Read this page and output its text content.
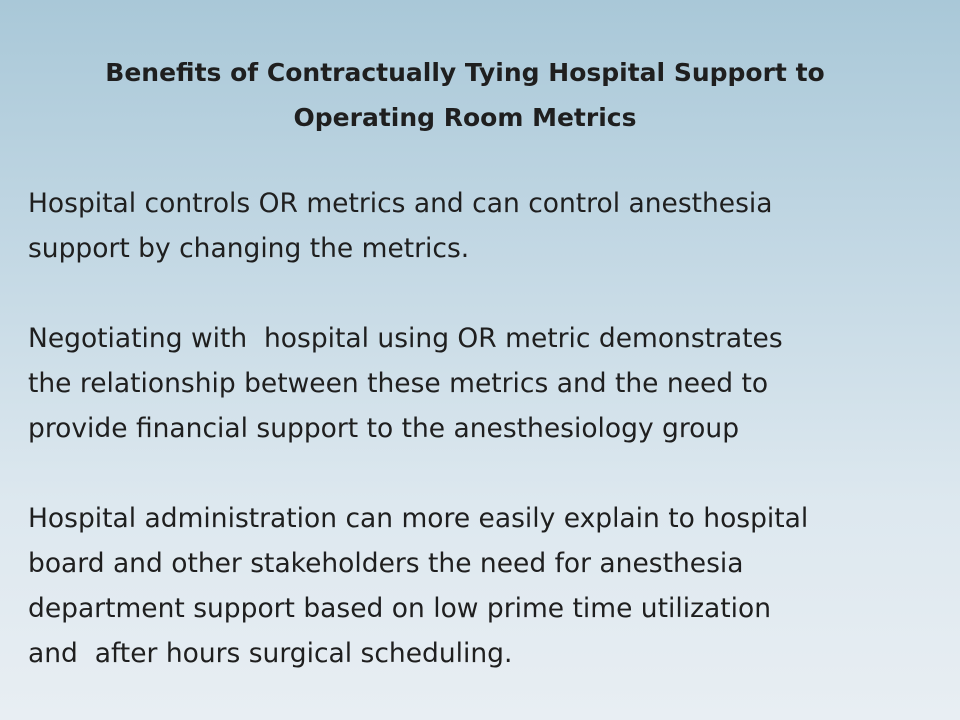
Benefits of Contractually Tying Hospital Support to
Operating Room Metrics
Hospital controls OR metrics and can control anesthesia
support by changing the metrics.
Negotiating with  hospital using OR metric demonstrates
the relationship between these metrics and the need to
provide financial support to the anesthesiology group
Hospital administration can more easily explain to hospital
board and other stakeholders the need for anesthesia
department support based on low prime time utilization
and  after hours surgical scheduling.
